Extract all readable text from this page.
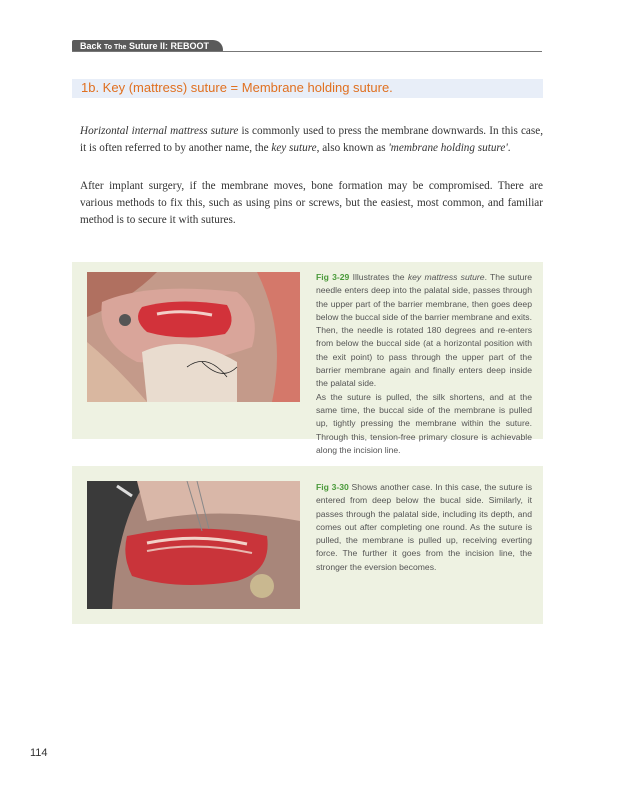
Back To The Suture II: REBOOT
1b. Key (mattress) suture = Membrane holding suture.
Horizontal internal mattress suture is commonly used to press the membrane downwards. In this case, it is often referred to by another name, the key suture, also known as 'membrane holding suture'.
After implant surgery, if the membrane moves, bone formation may be compromised. There are various methods to fix this, such as using pins or screws, but the easiest, most common, and familiar method is to secure it with sutures.
Fig 3-29 Illustrates the key mattress suture. The suture needle enters deep into the palatal side, passes through the upper part of the barrier membrane, then goes deep below the buccal side of the barrier membrane and exits. Then, the needle is rotated 180 degrees and re-enters from below the buccal side (at a horizontal position with the exit point) to pass through the upper part of the barrier membrane again and finally enters deep inside the palatal side.
As the suture is pulled, the silk shortens, and at the same time, the buccal side of the membrane is pulled up, tightly pressing the membrane within the suture. Through this, tension-free primary closure is achievable along the incision line.
Fig 3-30 Shows another case. In this case, the suture is entered from deep below the bucal side. Similarly, it passes through the palatal side, including its depth, and comes out after completing one round. As the suture is pulled, the membrane is pulled up, receiving everting force. The further it goes from the incision line, the stronger the eversion becomes.
114
